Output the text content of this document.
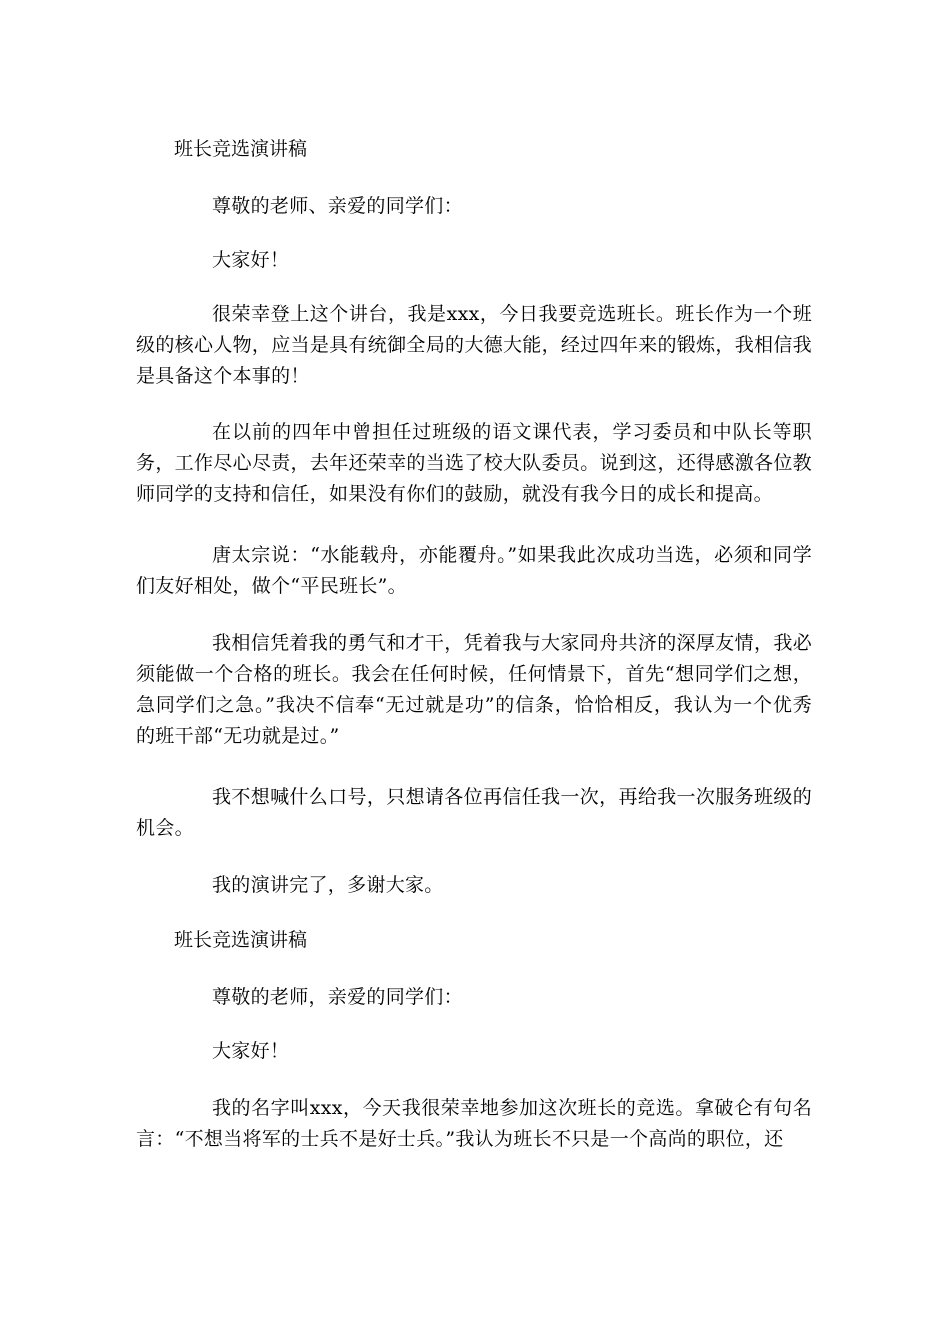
班长竞选演讲稿
尊敬的老师、亲爱的同学们：
大家好！
很荣幸登上这个讲台，我是xxx，今日我要竞选班长。班长作为一个班级的核心人物，应当是具有统御全局的大德大能，经过四年来的锻炼，我相信我是具备这个本事的！
在以前的四年中曾担任过班级的语文课代表，学习委员和中队长等职务，工作尽心尽责，去年还荣幸的当选了校大队委员。说到这，还得感激各位教师同学的支持和信任，如果没有你们的鼓励，就没有我今日的成长和提高。
唐太宗说：“水能载舟，亦能覆舟。”如果我此次成功当选，必须和同学们友好相处，做个“平民班长”。
我相信凭着我的勇气和才干，凭着我与大家同舟共济的深厚友情，我必须能做一个合格的班长。我会在任何时候，任何情景下，首先“想同学们之想，急同学们之急。”我决不信奉“无过就是功”的信条，恰恰相反，我认为一个优秀的班干部“无功就是过。”
我不想喊什么口号，只想请各位再信任我一次，再给我一次服务班级的机会。
我的演讲完了，多谢大家。
班长竞选演讲稿
尊敬的老师，亲爱的同学们：
大家好！
我的名字叫xxx，今天我很荣幸地参加这次班长的竞选。拿破仑有句名言：“不想当将军的士兵不是好士兵。”我认为班长不只是一个高尚的职位，还
